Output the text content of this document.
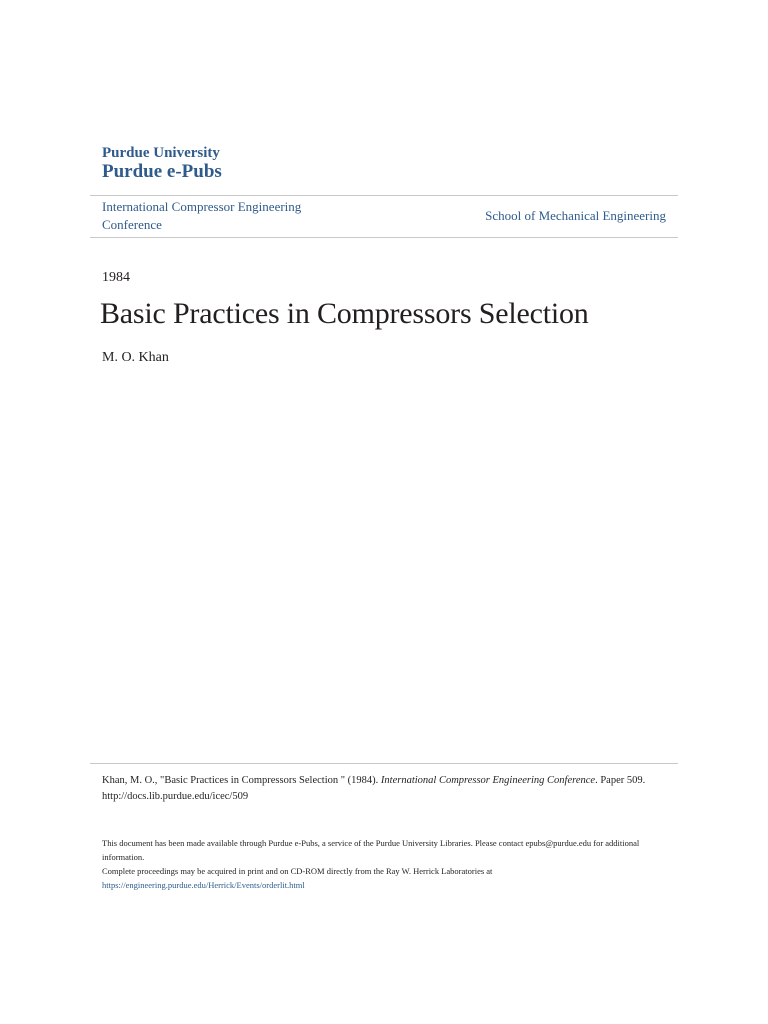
Purdue University
Purdue e-Pubs
International Compressor Engineering Conference
School of Mechanical Engineering
1984
Basic Practices in Compressors Selection
M. O. Khan

Khan, M. O., "Basic Practices in Compressors Selection " (1984). International Compressor Engineering Conference. Paper 509.
http://docs.lib.purdue.edu/icec/509

This document has been made available through Purdue e-Pubs, a service of the Purdue University Libraries. Please contact epubs@purdue.edu for additional information.
Complete proceedings may be acquired in print and on CD-ROM directly from the Ray W. Herrick Laboratories at https://engineering.purdue.edu/Herrick/Events/orderlit.html
